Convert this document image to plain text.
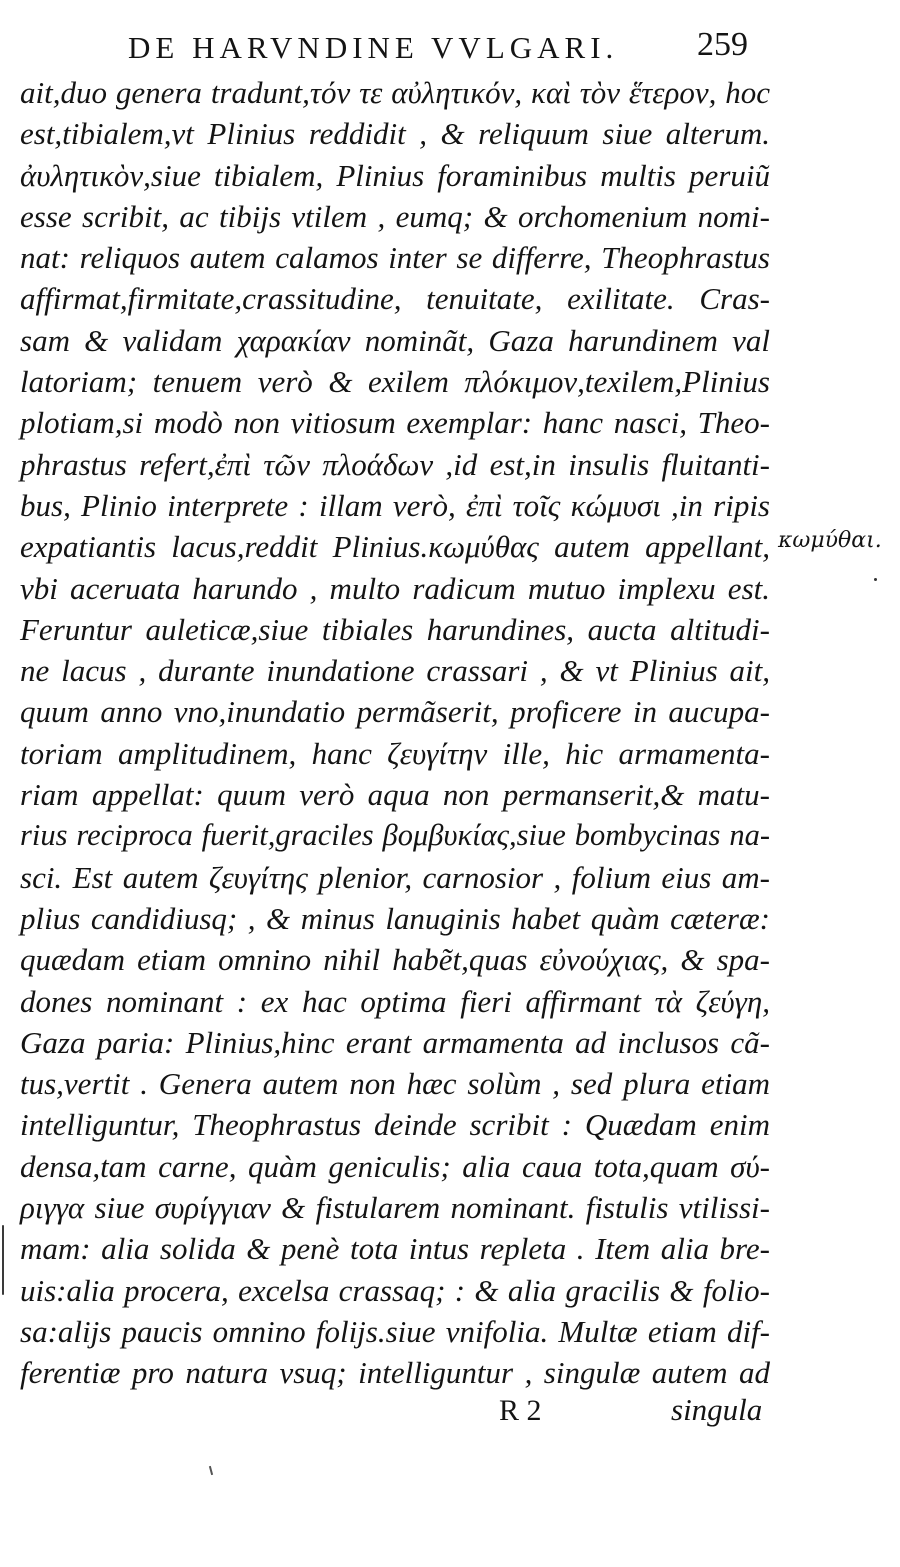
DE HARVNDINE VVLGARI. 259
ait,duo genera tradunt,τόν τε αὐλητικόν, καὶ τὸν ἕτερον, hoc
est,tibialem,vt Plinius reddidit , & reliquum siue alterum.
ἀυλητικὸν,siue tibialem, Plinius foraminibus multis peruiũ
esse scribit, ac tibijs vtilem , eumq; & orchomenium nomi-
nat: reliquos autem calamos inter se differre, Theophrastus
affirmat,firmitate,crassitudine, tenuitate, exilitate. Cras-
sam & validam χαρακίαν nominãt, Gaza harundinem val
latoriam; tenuem verò & exilem πλόκιμον,texilem,Plinius
plotiam,si modò non vitiosum exemplar: hanc nasci, Theo-
phrastus refert,ἐπὶ τῶν πλοάδων ,id est,in insulis fluitanti-
bus, Plinio interprete : illam verò, ἐπὶ τοῖς κώμυσι ,in ripis
expatiantis lacus,reddit Plinius.κωμύθας autem appellant,
vbi aceruata harundo , multo radicum mutuo implexu est.
Feruntur auleticæ,siue tibiales harundines, aucta altitudi-
ne lacus , durante inundatione crassari , & vt Plinius ait,
quum anno vno,inundatio permãserit, proficere in aucupa-
toriam amplitudinem, hanc ζευγίτην ille, hic armamenta-
riam appellat: quum verò aqua non permanserit,& matu-
rius reciproca fuerit,graciles βομβυκίας,siue bombycinas na-
sci. Est autem ζευγίτης plenior, carnosior , folium eius am-
plius candidiusq; , & minus lanuginis habet quàm cæteræ:
quædam etiam omnino nihil habẽt,quas εὐνούχιας, & spa-
dones nominant : ex hac optima fieri affirmant τὰ ζεύγη,
Gaza paria: Plinius,hinc erant armamenta ad inclusos cã-
tus,vertit . Genera autem non hæc solùm , sed plura etiam
intelliguntur, Theophrastus deinde scribit : Quædam enim
densa,tam carne, quàm geniculis; alia caua tota,quam σύ-
ριγγα siue συρίγγιαν & fistularem nominant. fistulis vtilissi-
mam: alia solida & penè tota intus repleta . Item alia bre-
uis:alia procera, excelsa crassaq; : & alia gracilis & folio-
sa:alijs paucis omnino folijs.siue vnifolia. Multæ etiam dif-
ferentiæ pro natura vsuq; intelliguntur , singulæ autem ad
κωμύθαι.
R 2	singula
